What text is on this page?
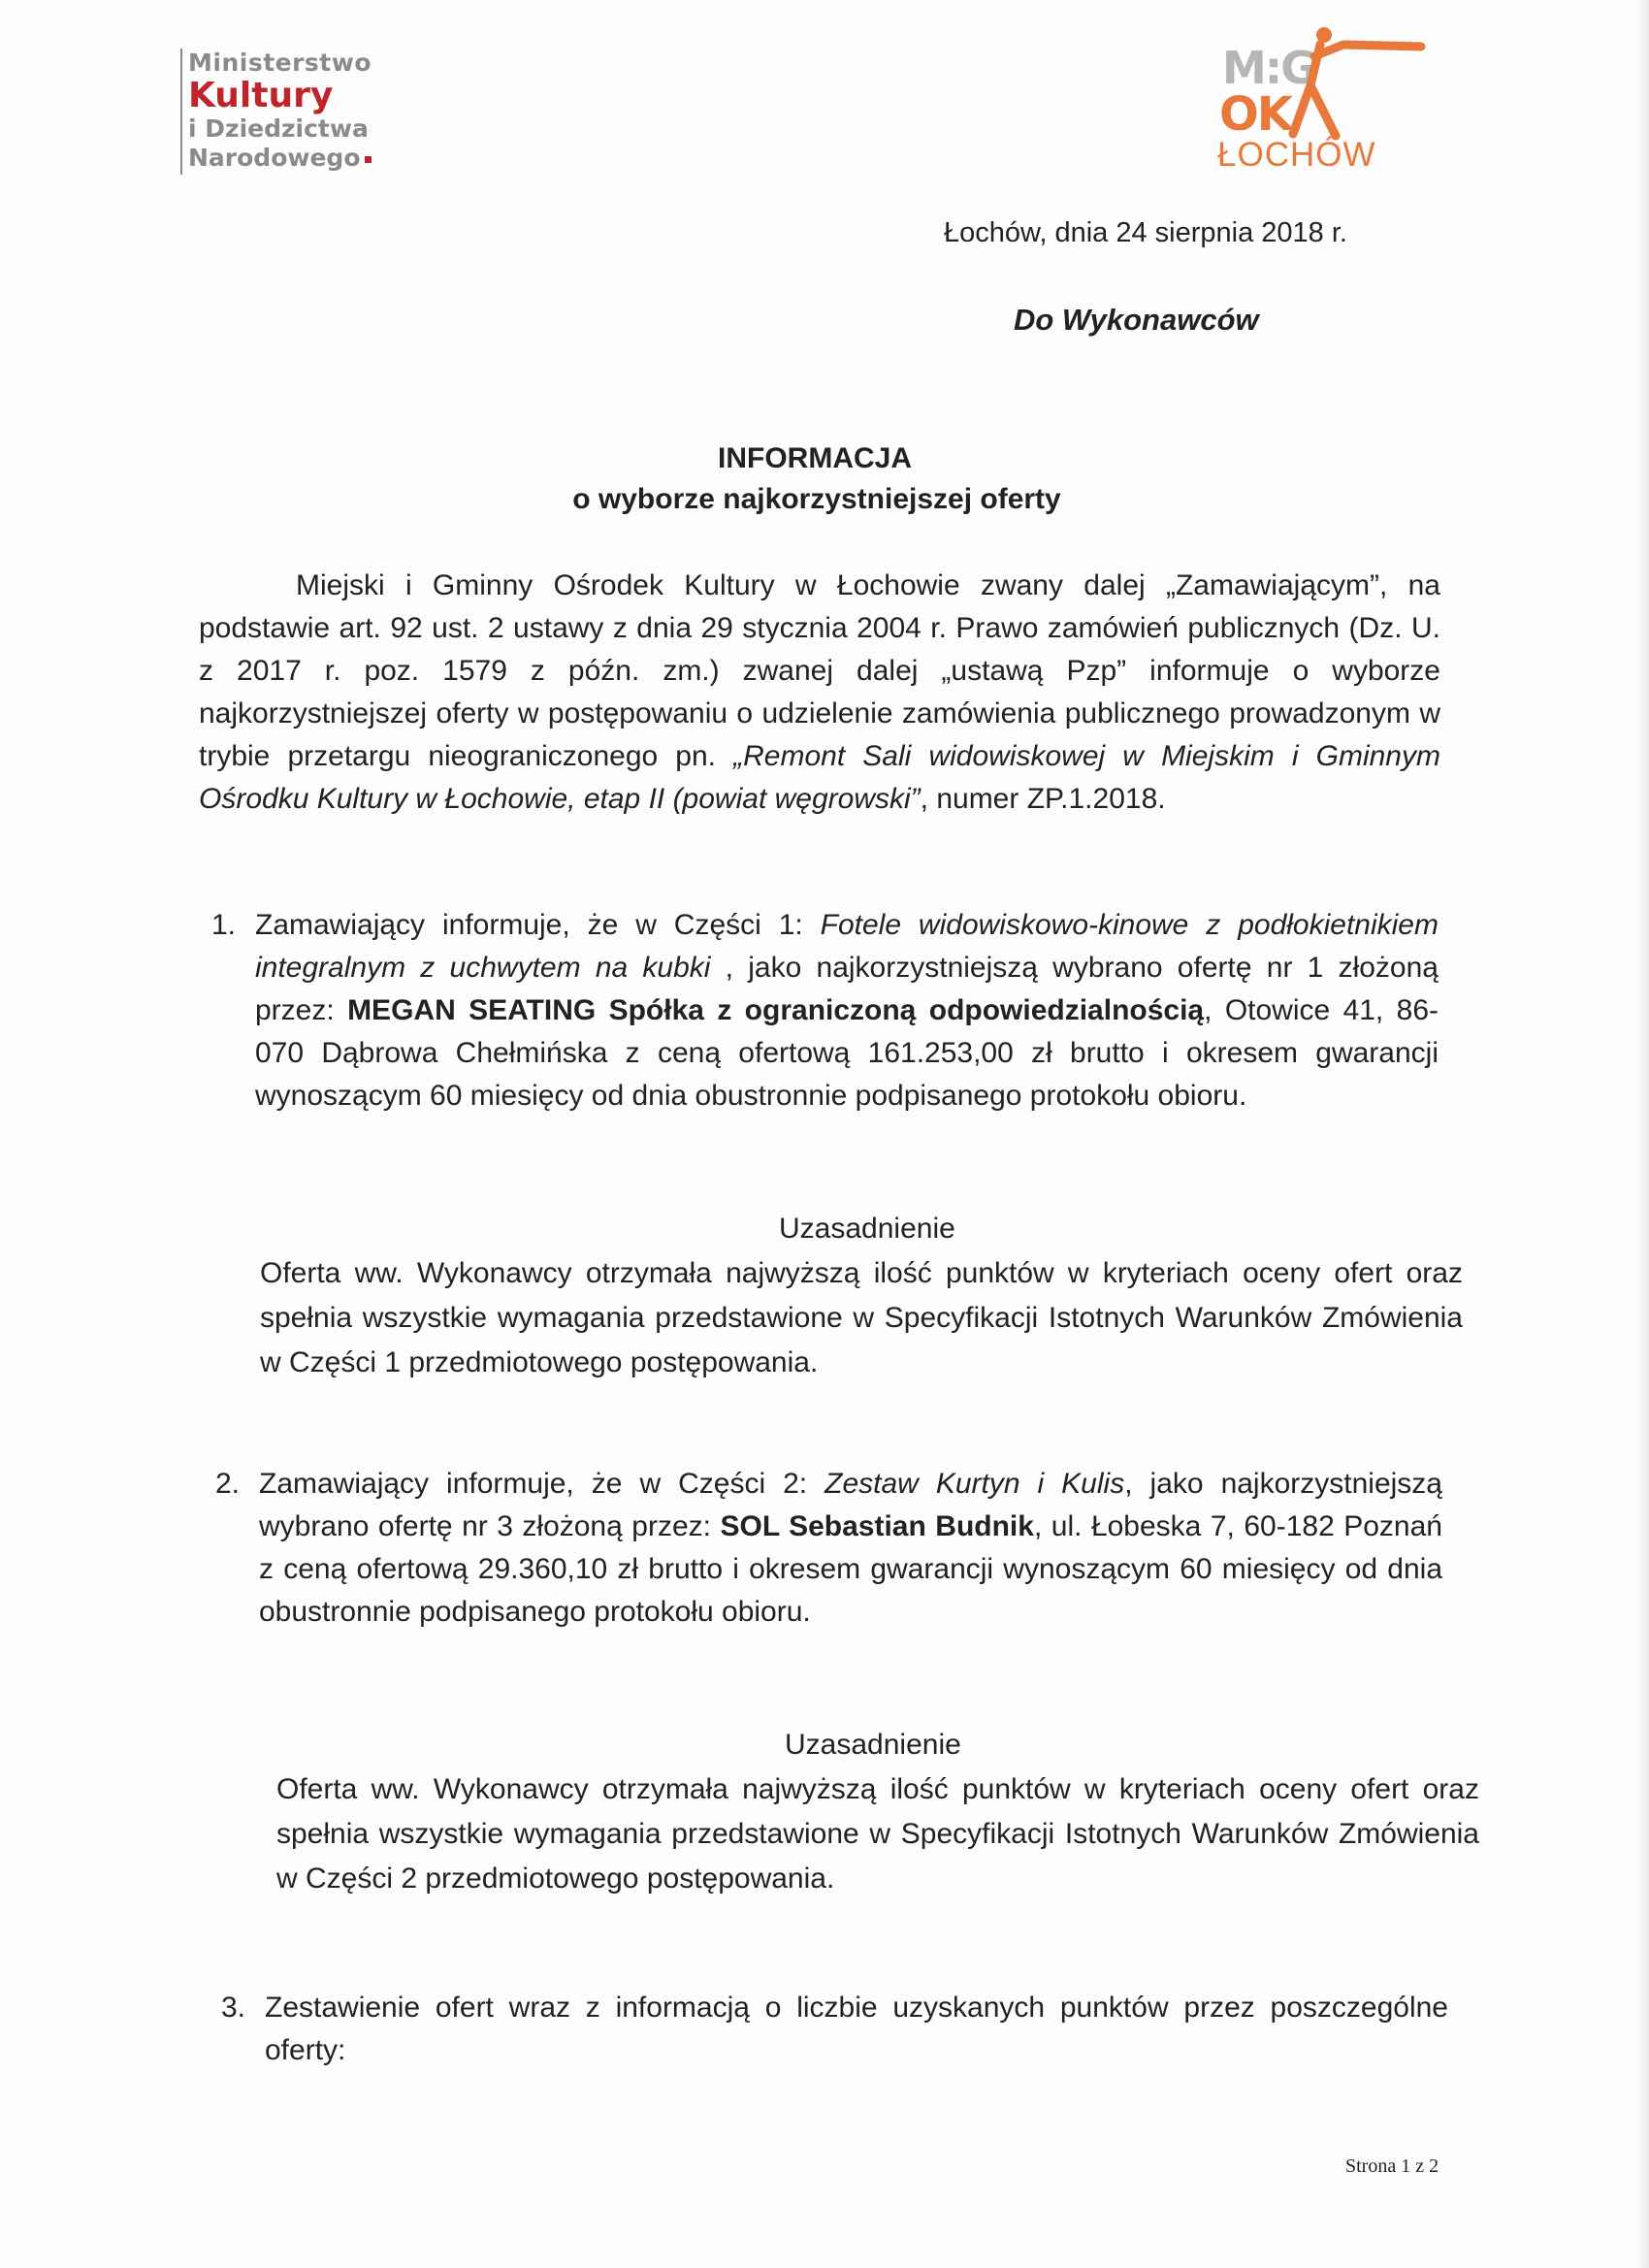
Ministerstwo
Kultury
i Dziedzictwa
Narodowego
M:G
OK
ŁOCHÓW
Łochów, dnia 24 sierpnia 2018 r.
Do Wykonawców
INFORMACJA
o wyborze najkorzystniejszej oferty
Miejski i Gminny Ośrodek Kultury w Łochowie zwany dalej „Zamawiającym”, na podstawie art. 92 ust. 2 ustawy z dnia 29 stycznia 2004 r. Prawo zamówień publicznych (Dz. U. z 2017 r. poz. 1579 z późn. zm.) zwanej dalej „ustawą Pzp” informuje o wyborze najkorzystniejszej oferty w postępowaniu o udzielenie zamówienia publicznego prowadzonym w trybie przetargu nieograniczonego pn. „Remont Sali widowiskowej w Miejskim i Gminnym Ośrodku Kultury w Łochowie, etap II (powiat węgrowski”, numer ZP.1.2018.
1. Zamawiający informuje, że w Części 1: Fotele widowiskowo-kinowe z podłokietnikiem integralnym z uchwytem na kubki , jako najkorzystniejszą wybrano ofertę nr 1 złożoną przez: MEGAN SEATING Spółka z ograniczoną odpowiedzialnością, Otowice 41, 86-070 Dąbrowa Chełmińska z ceną ofertową 161.253,00 zł brutto i okresem gwarancji wynoszącym 60 miesięcy od dnia obustronnie podpisanego protokołu obioru.
Uzasadnienie
Oferta ww. Wykonawcy otrzymała najwyższą ilość punktów w kryteriach oceny ofert oraz spełnia wszystkie wymagania przedstawione w Specyfikacji Istotnych Warunków Zmówienia w Części 1 przedmiotowego postępowania.
2. Zamawiający informuje, że w Części 2: Zestaw Kurtyn i Kulis, jako najkorzystniejszą wybrano ofertę nr 3 złożoną przez: SOL Sebastian Budnik, ul. Łobeska 7, 60-182 Poznań z ceną ofertową 29.360,10 zł brutto i okresem gwarancji wynoszącym 60 miesięcy od dnia obustronnie podpisanego protokołu obioru.
Uzasadnienie
Oferta ww. Wykonawcy otrzymała najwyższą ilość punktów w kryteriach oceny ofert oraz spełnia wszystkie wymagania przedstawione w Specyfikacji Istotnych Warunków Zmówienia w Części 2 przedmiotowego postępowania.
3. Zestawienie ofert wraz z informacją o liczbie uzyskanych punktów przez poszczególne oferty:
Strona 1 z 2
